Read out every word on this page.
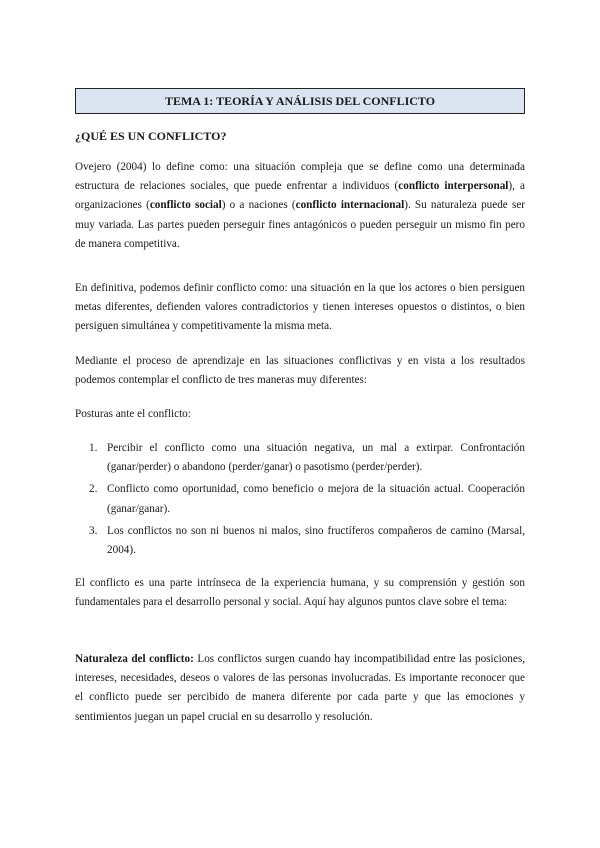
TEMA 1: TEORÍA Y ANÁLISIS DEL CONFLICTO
¿QUÉ ES UN CONFLICTO?

Ovejero (2004) lo define como: una situación compleja que se define como una determinada estructura de relaciones sociales, que puede enfrentar a individuos (conflicto interpersonal), a organizaciones (conflicto social) o a naciones (conflicto internacional). Su naturaleza puede ser muy variada. Las partes pueden perseguir fines antagónicos o pueden perseguir un mismo fin pero de manera competitiva.

En definitiva, podemos definir conflicto como: una situación en la que los actores o bien persiguen metas diferentes, defienden valores contradictorios y tienen intereses opuestos o distintos, o bien persiguen simultánea y competitivamente la misma meta.

Mediante el proceso de aprendizaje en las situaciones conflictivas y en vista a los resultados podemos contemplar el conflicto de tres maneras muy diferentes:

Posturas ante el conflicto:

1. Percibir el conflicto como una situación negativa, un mal a extirpar. Confrontación (ganar/perder) o abandono (perder/ganar) o pasotismo (perder/perder).
2. Conflicto como oportunidad, como beneficio o mejora de la situación actual. Cooperación (ganar/ganar).
3. Los conflictos no son ni buenos ni malos, sino fructíferos compañeros de camino (Marsal, 2004).

El conflicto es una parte intrínseca de la experiencia humana, y su comprensión y gestión son fundamentales para el desarrollo personal y social. Aquí hay algunos puntos clave sobre el tema:

Naturaleza del conflicto: Los conflictos surgen cuando hay incompatibilidad entre las posiciones, intereses, necesidades, deseos o valores de las personas involucradas. Es importante reconocer que el conflicto puede ser percibido de manera diferente por cada parte y que las emociones y sentimientos juegan un papel crucial en su desarrollo y resolución.
